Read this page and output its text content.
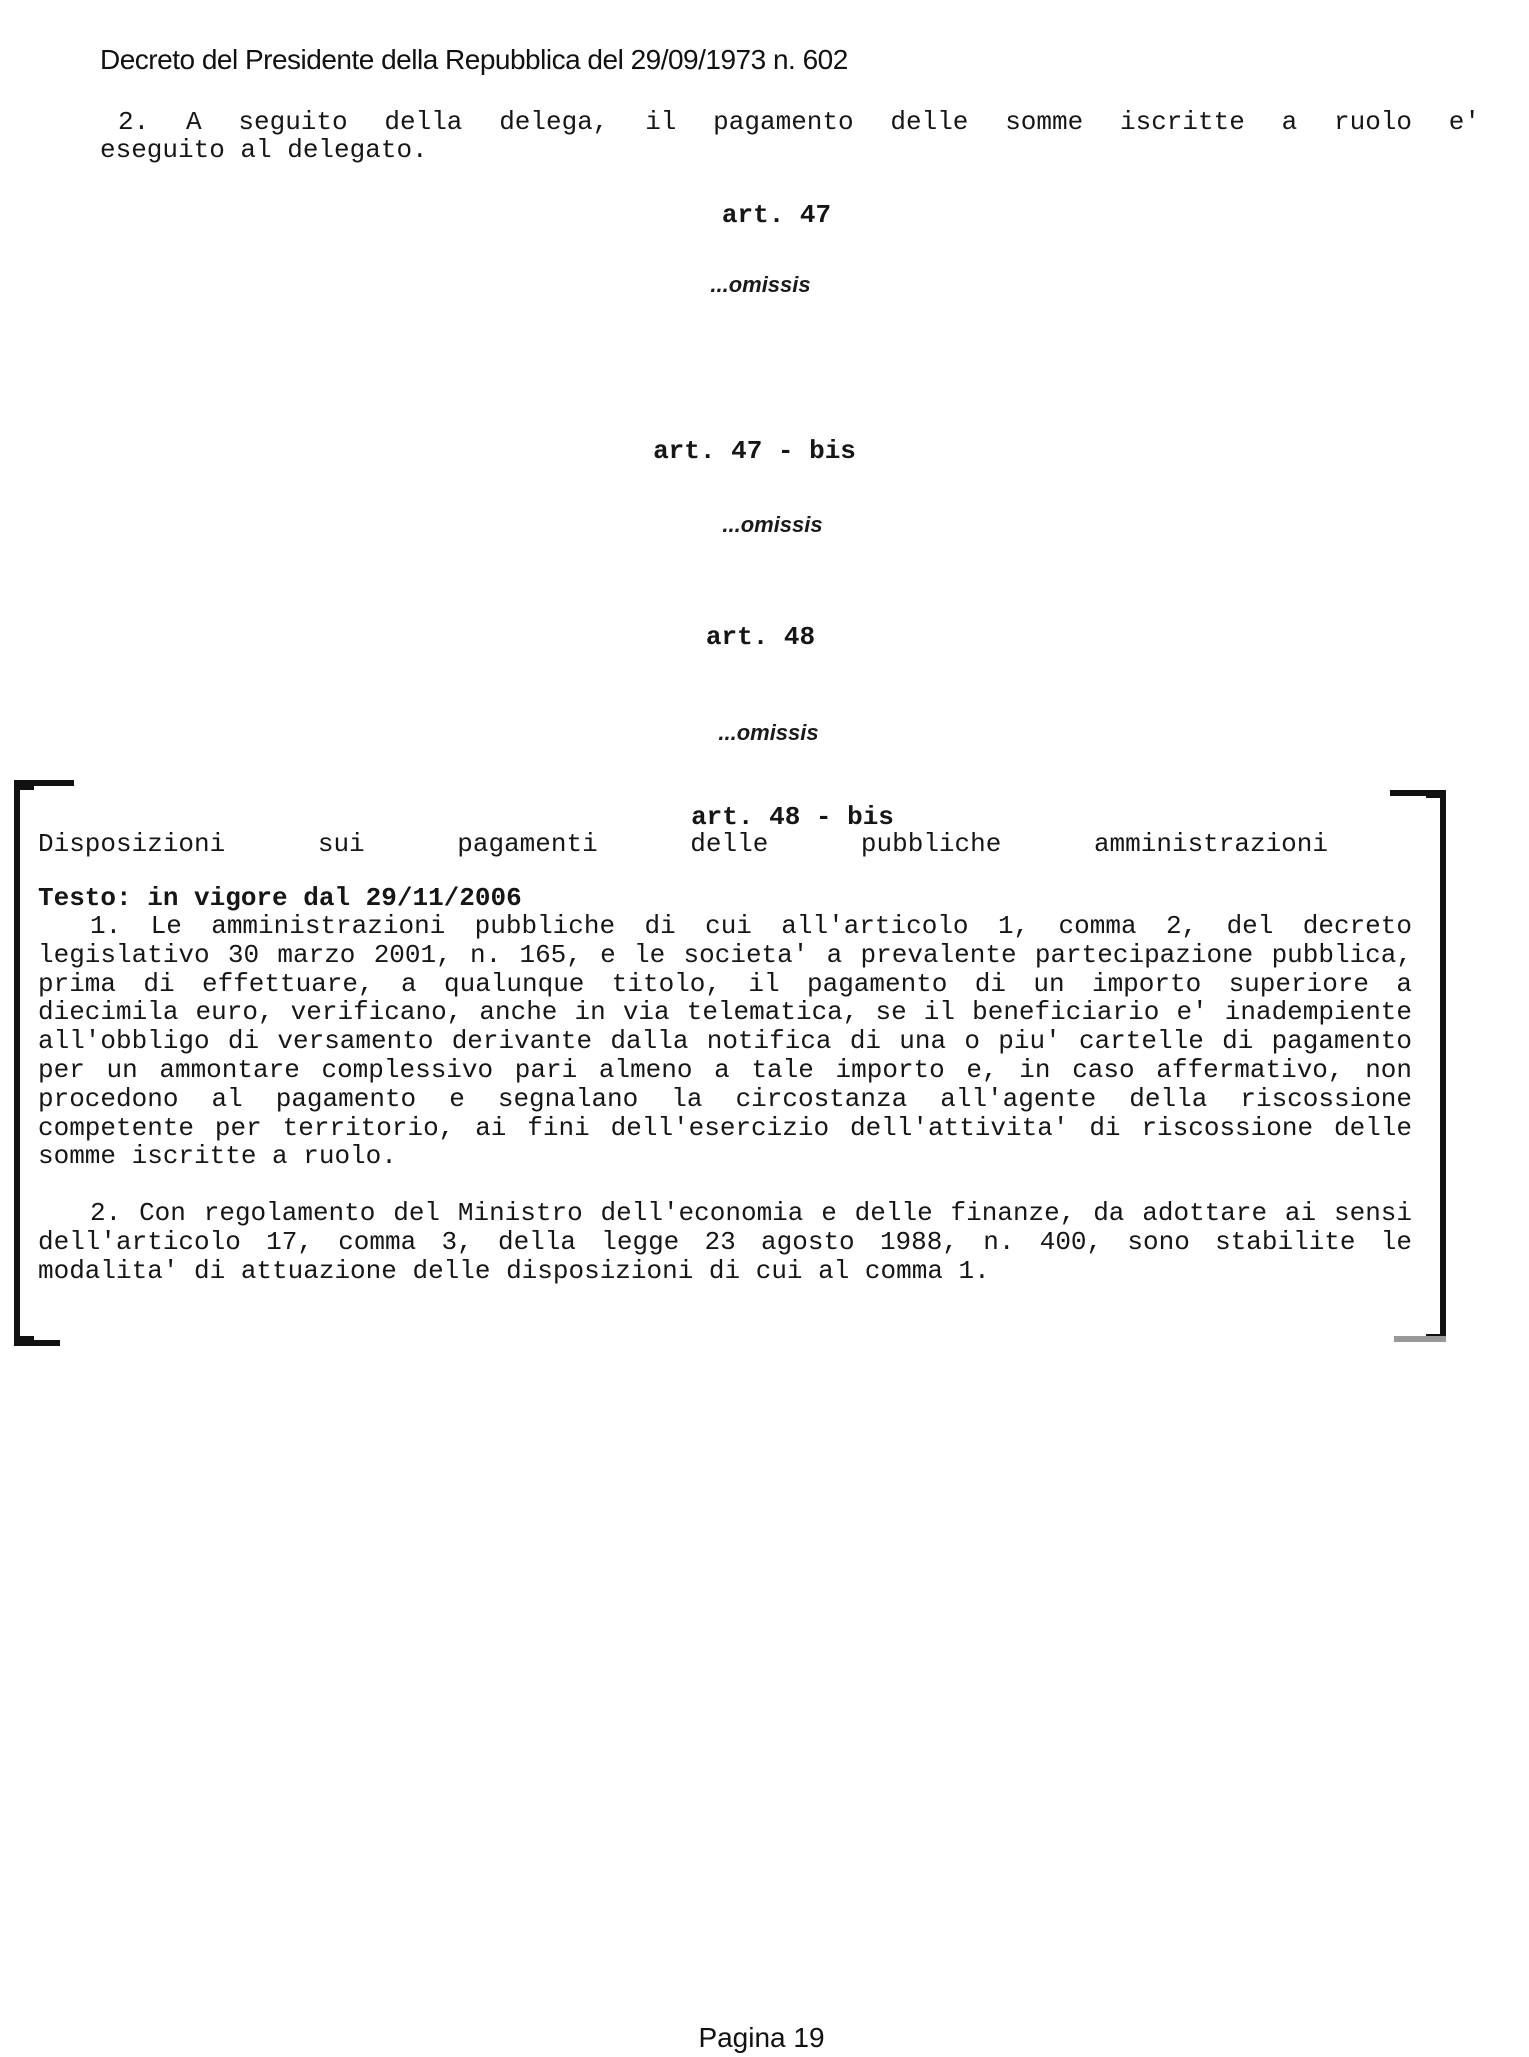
Decreto del Presidente della Repubblica del 29/09/1973 n. 602
2. A seguito della delega, il pagamento delle somme iscritte a ruolo e'
eseguito al delegato.
art. 47
...omissis
art. 47 - bis
...omissis
art. 48
...omissis
art. 48 - bis
Disposizioni sui pagamenti delle pubbliche amministrazioni
Testo: in vigore dal 29/11/2006
1. Le amministrazioni pubbliche di cui all'articolo 1, comma 2, del decreto legislativo 30 marzo 2001, n. 165, e le societa' a prevalente partecipazione pubblica, prima di effettuare, a qualunque titolo, il pagamento di un importo superiore a diecimila euro, verificano, anche in via telematica, se il beneficiario e' inadempiente all'obbligo di versamento derivante dalla notifica di una o piu' cartelle di pagamento per un ammontare complessivo pari almeno a tale importo e, in caso affermativo, non procedono al pagamento e segnalano la circostanza all'agente della riscossione competente per territorio, ai fini dell'esercizio dell'attivita' di riscossione delle somme iscritte a ruolo.
2. Con regolamento del Ministro dell'economia e delle finanze, da adottare ai sensi dell'articolo 17, comma 3, della legge 23 agosto 1988, n. 400, sono stabilite le modalita' di attuazione delle disposizioni di cui al comma 1.
Pagina 19
